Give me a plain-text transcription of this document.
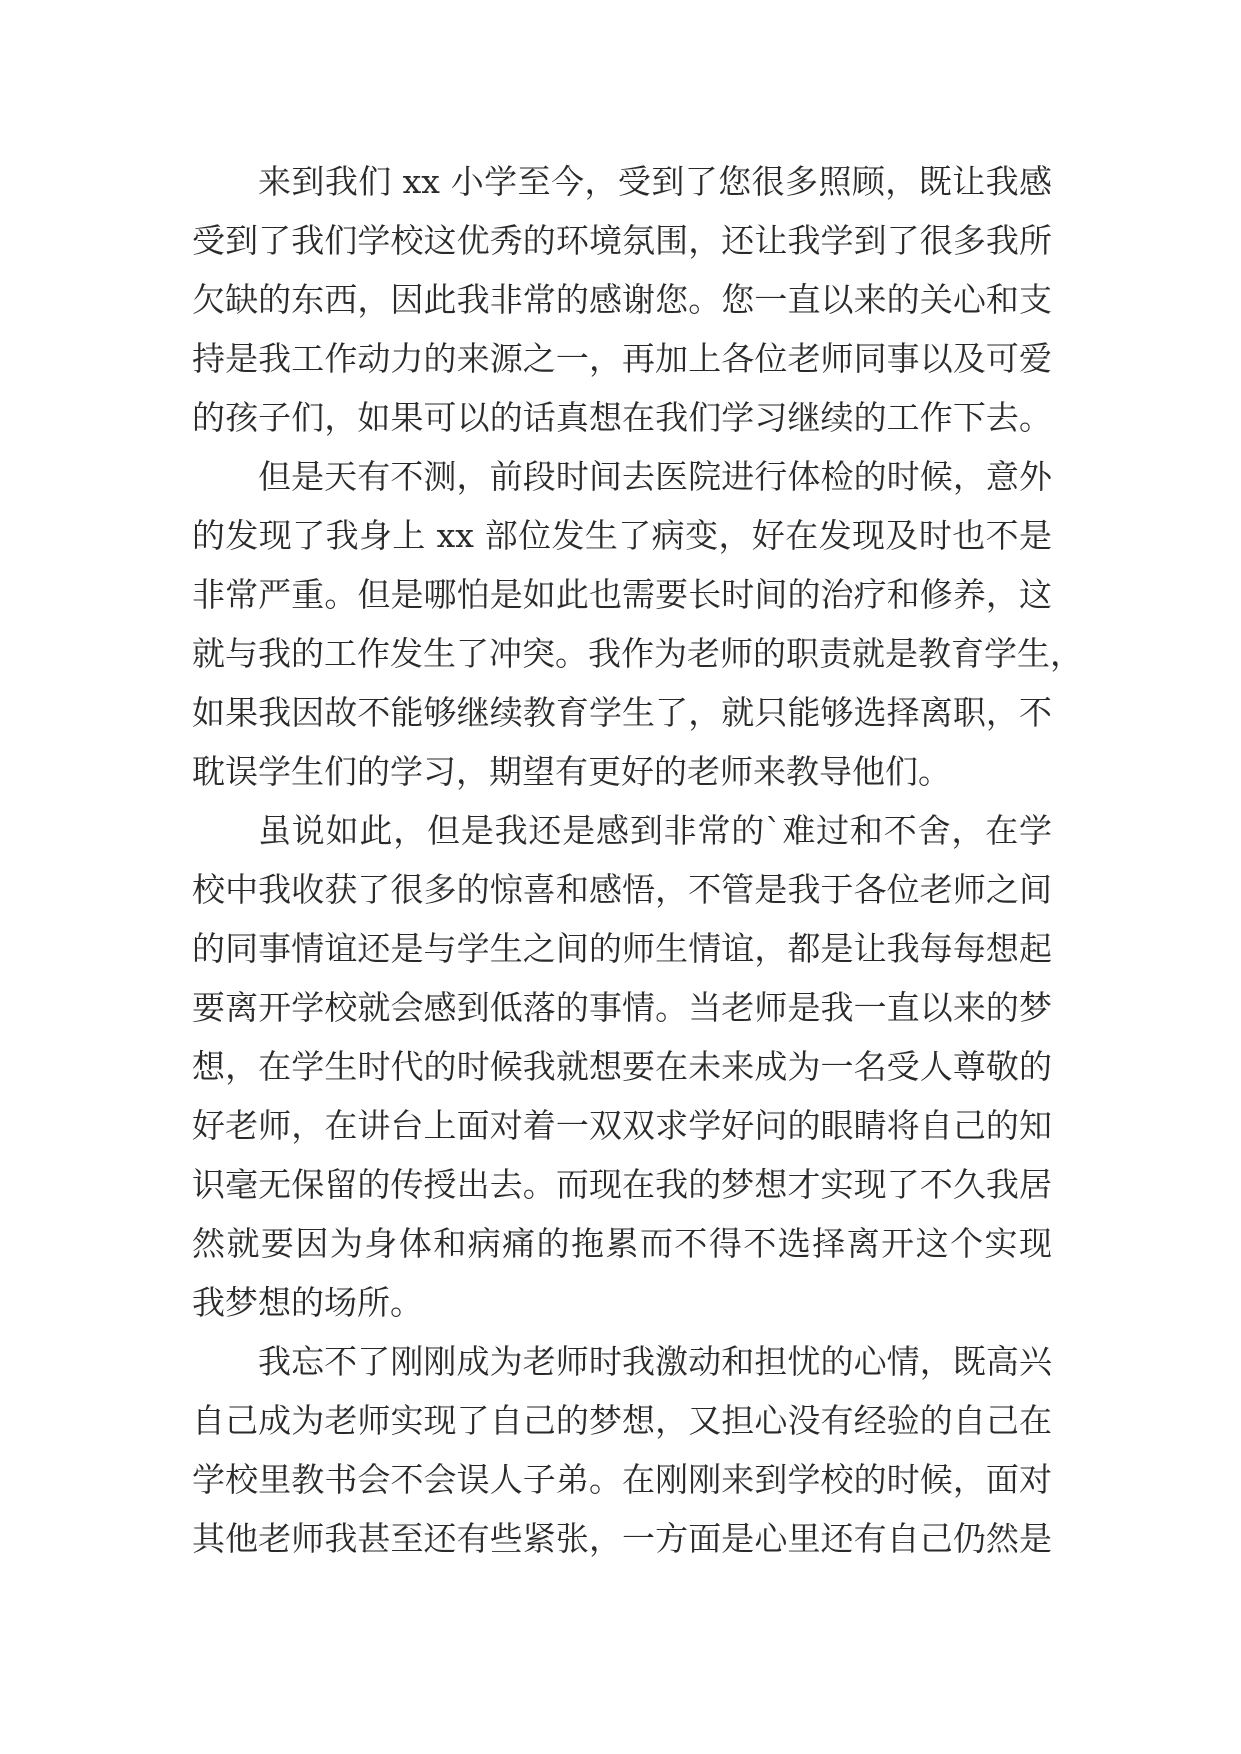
来到我们 xx 小学至今，受到了您很多照顾，既让我感
受到了我们学校这优秀的环境氛围，还让我学到了很多我所
欠缺的东西，因此我非常的感谢您。您一直以来的关心和支
持是我工作动力的来源之一，再加上各位老师同事以及可爱
的孩子们，如果可以的话真想在我们学习继续的工作下去。
但是天有不测，前段时间去医院进行体检的时候，意外
的发现了我身上 xx 部位发生了病变，好在发现及时也不是
非常严重。但是哪怕是如此也需要长时间的治疗和修养，这
就与我的工作发生了冲突。我作为老师的职责就是教育学生，
如果我因故不能够继续教育学生了，就只能够选择离职，不
耽误学生们的学习，期望有更好的老师来教导他们。
虽说如此，但是我还是感到非常的`难过和不舍，在学
校中我收获了很多的惊喜和感悟，不管是我于各位老师之间
的同事情谊还是与学生之间的师生情谊，都是让我每每想起
要离开学校就会感到低落的事情。当老师是我一直以来的梦
想，在学生时代的时候我就想要在未来成为一名受人尊敬的
好老师，在讲台上面对着一双双求学好问的眼睛将自己的知
识毫无保留的传授出去。而现在我的梦想才实现了不久我居
然就要因为身体和病痛的拖累而不得不选择离开这个实现
我梦想的场所。
我忘不了刚刚成为老师时我激动和担忧的心情，既高兴
自己成为老师实现了自己的梦想，又担心没有经验的自己在
学校里教书会不会误人子弟。在刚刚来到学校的时候，面对
其他老师我甚至还有些紧张，一方面是心里还有自己仍然是
